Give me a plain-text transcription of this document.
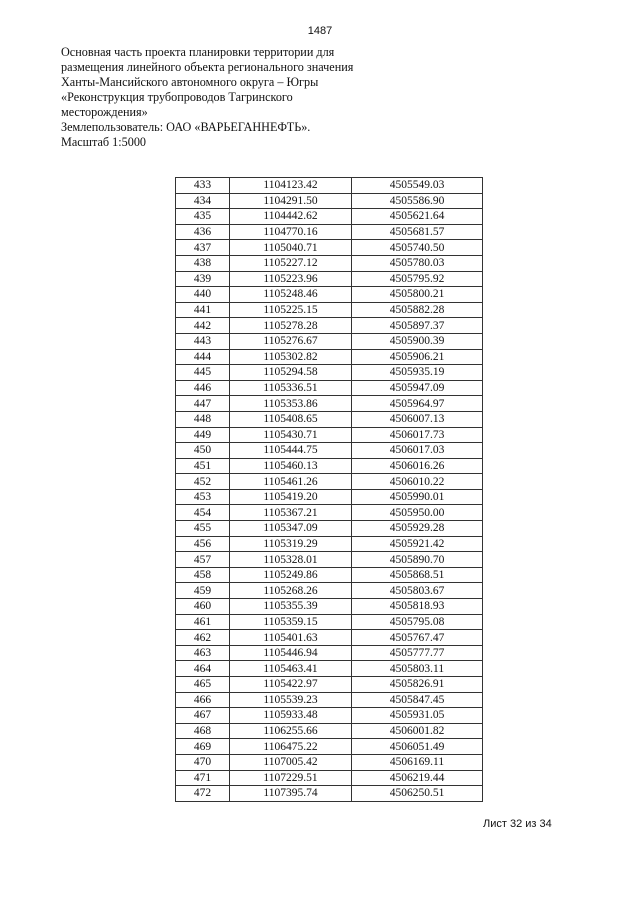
1487
Основная часть проекта планировки территории для
размещения линейного объекта регионального значения
Ханты-Мансийского автономного округа – Югры
«Реконструкция трубопроводов Тагринского
месторождения»
Землепользователь: ОАО «ВАРЬЕГАННЕФТЬ».
Масштаб 1:5000
433	1104123.42	4505549.03
434	1104291.50	4505586.90
435	1104442.62	4505621.64
436	1104770.16	4505681.57
437	1105040.71	4505740.50
438	1105227.12	4505780.03
439	1105223.96	4505795.92
440	1105248.46	4505800.21
441	1105225.15	4505882.28
442	1105278.28	4505897.37
443	1105276.67	4505900.39
444	1105302.82	4505906.21
445	1105294.58	4505935.19
446	1105336.51	4505947.09
447	1105353.86	4505964.97
448	1105408.65	4506007.13
449	1105430.71	4506017.73
450	1105444.75	4506017.03
451	1105460.13	4506016.26
452	1105461.26	4506010.22
453	1105419.20	4505990.01
454	1105367.21	4505950.00
455	1105347.09	4505929.28
456	1105319.29	4505921.42
457	1105328.01	4505890.70
458	1105249.86	4505868.51
459	1105268.26	4505803.67
460	1105355.39	4505818.93
461	1105359.15	4505795.08
462	1105401.63	4505767.47
463	1105446.94	4505777.77
464	1105463.41	4505803.11
465	1105422.97	4505826.91
466	1105539.23	4505847.45
467	1105933.48	4505931.05
468	1106255.66	4506001.82
469	1106475.22	4506051.49
470	1107005.42	4506169.11
471	1107229.51	4506219.44
472	1107395.74	4506250.51
Лист 32 из 34
